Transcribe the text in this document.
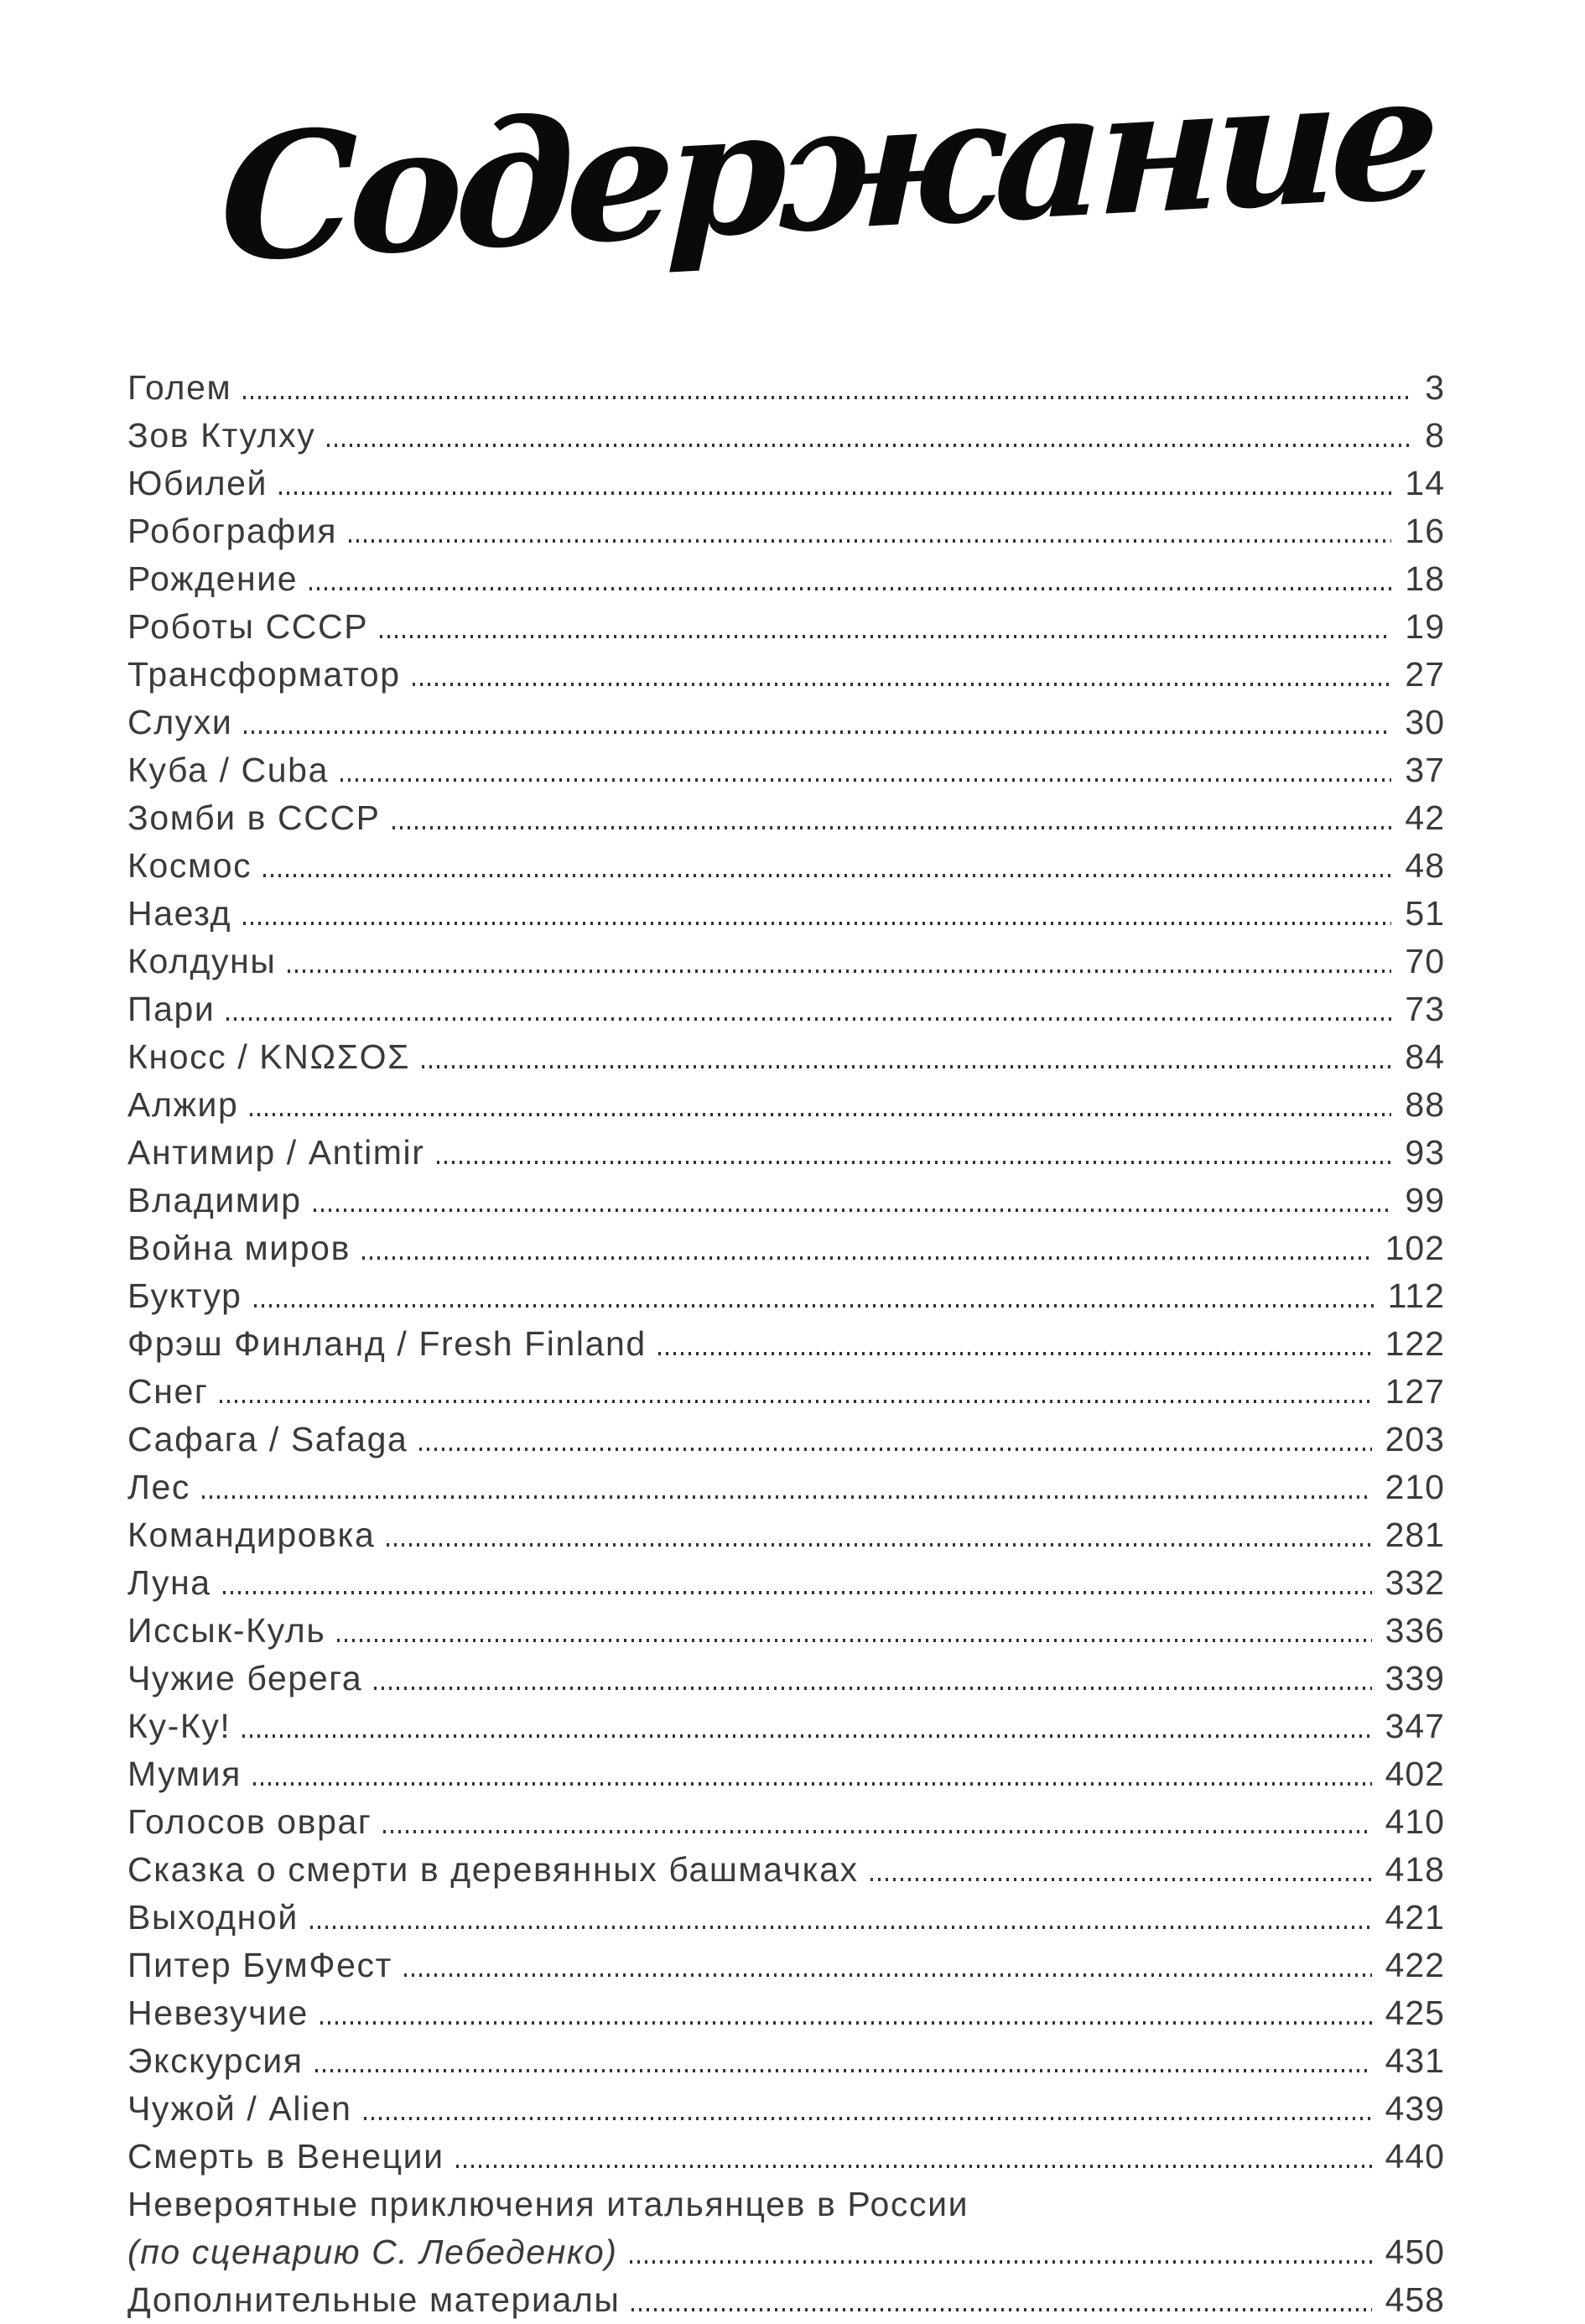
Содержание
Голем	3
Зов Ктулху	8
Юбилей	14
Робография	16
Рождение	18
Роботы СССР	19
Трансформатор	27
Слухи	30
Куба / Cuba	37
Зомби в СССР	42
Космос	48
Наезд	51
Колдуны	70
Пари	73
Кносс / ΚΝΩΣΟΣ	84
Алжир	88
Антимир / Antimir	93
Владимир	99
Война миров	102
Буктур	112
Фрэш Финланд / Fresh Finland	122
Снег	127
Сафага / Safaga	203
Лес	210
Командировка	281
Луна	332
Иссык-Куль	336
Чужие берега	339
Ку-Ку!	347
Мумия	402
Голосов овраг	410
Сказка о смерти в деревянных башмачках	418
Выходной	421
Питер БумФест	422
Невезучие	425
Экскурсия	431
Чужой / Alien	439
Смерть в Венеции	440
Невероятные приключения итальянцев в России
(по сценарию С. Лебеденко)	450
Дополнительные материалы	458
